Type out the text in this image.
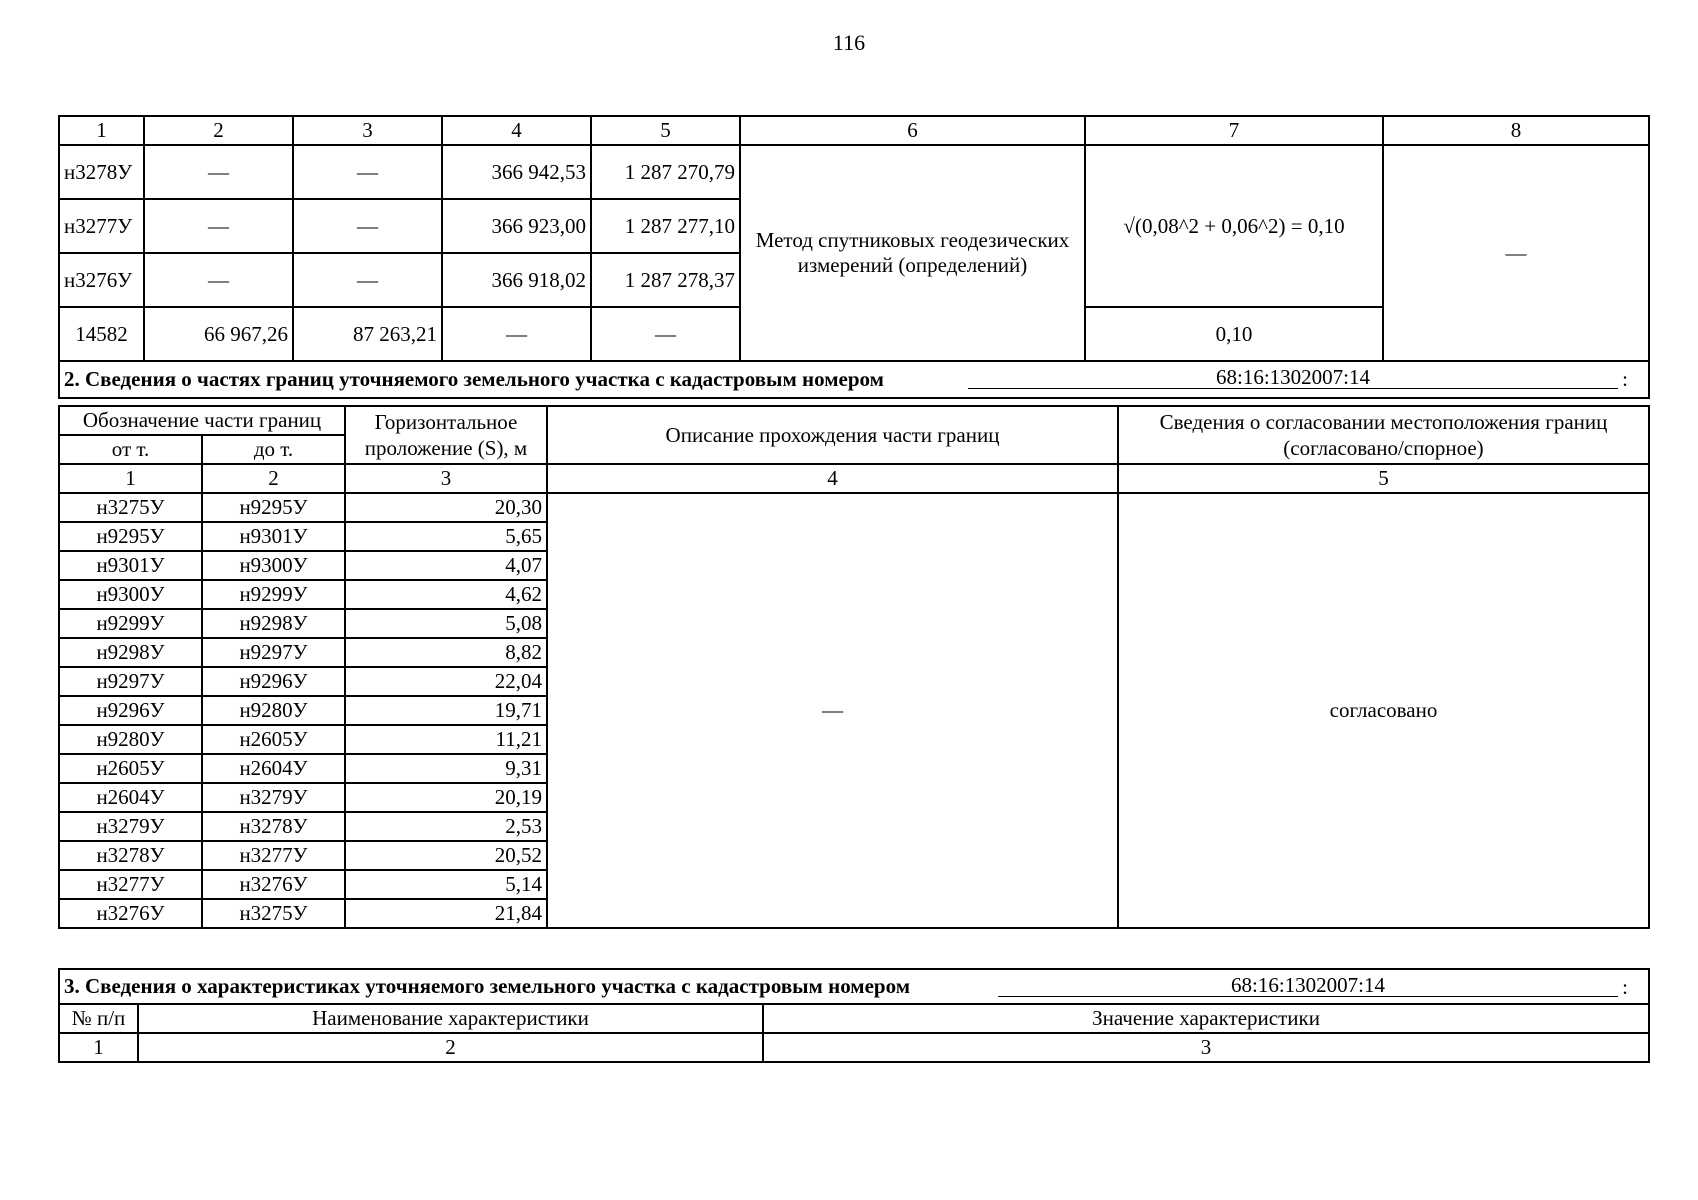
116
1	2	3	4	5	6	7	8
н3278У	—	—	366 942,53	1 287 270,79	Метод спутниковых геодезических измерений (определений)	√(0,08^2 + 0,06^2) = 0,10	—
н3277У	—	—	366 923,00	1 287 277,10			
н3276У	—	—	366 918,02	1 287 278,37			
14582	66 967,26	87 263,21	—	—		0,10	
2. Сведения о частях границ уточняемого земельного участка с кадастровым номером 68:16:1302007:14 :							
Обозначение части границ		Горизонтальное проложение (S), м	Описание прохождения части границ	Сведения о согласовании местоположения границ (согласовано/спорное)
от т.	до т.			
1	2	3	4	5
н3275У	н9295У	20,30	—	согласовано
н9295У	н9301У	5,65		
н9301У	н9300У	4,07		
н9300У	н9299У	4,62		
н9299У	н9298У	5,08		
н9298У	н9297У	8,82		
н9297У	н9296У	22,04		
н9296У	н9280У	19,71		
н9280У	н2605У	11,21		
н2605У	н2604У	9,31		
н2604У	н3279У	20,19		
н3279У	н3278У	2,53		
н3278У	н3277У	20,52		
н3277У	н3276У	5,14		
н3276У	н3275У	21,84		
3. Сведения о характеристиках уточняемого земельного участка с кадастровым номером 68:16:1302007:14 :		

№ п/п	Наименование характеристики	Значение характеристики
1	2	3
